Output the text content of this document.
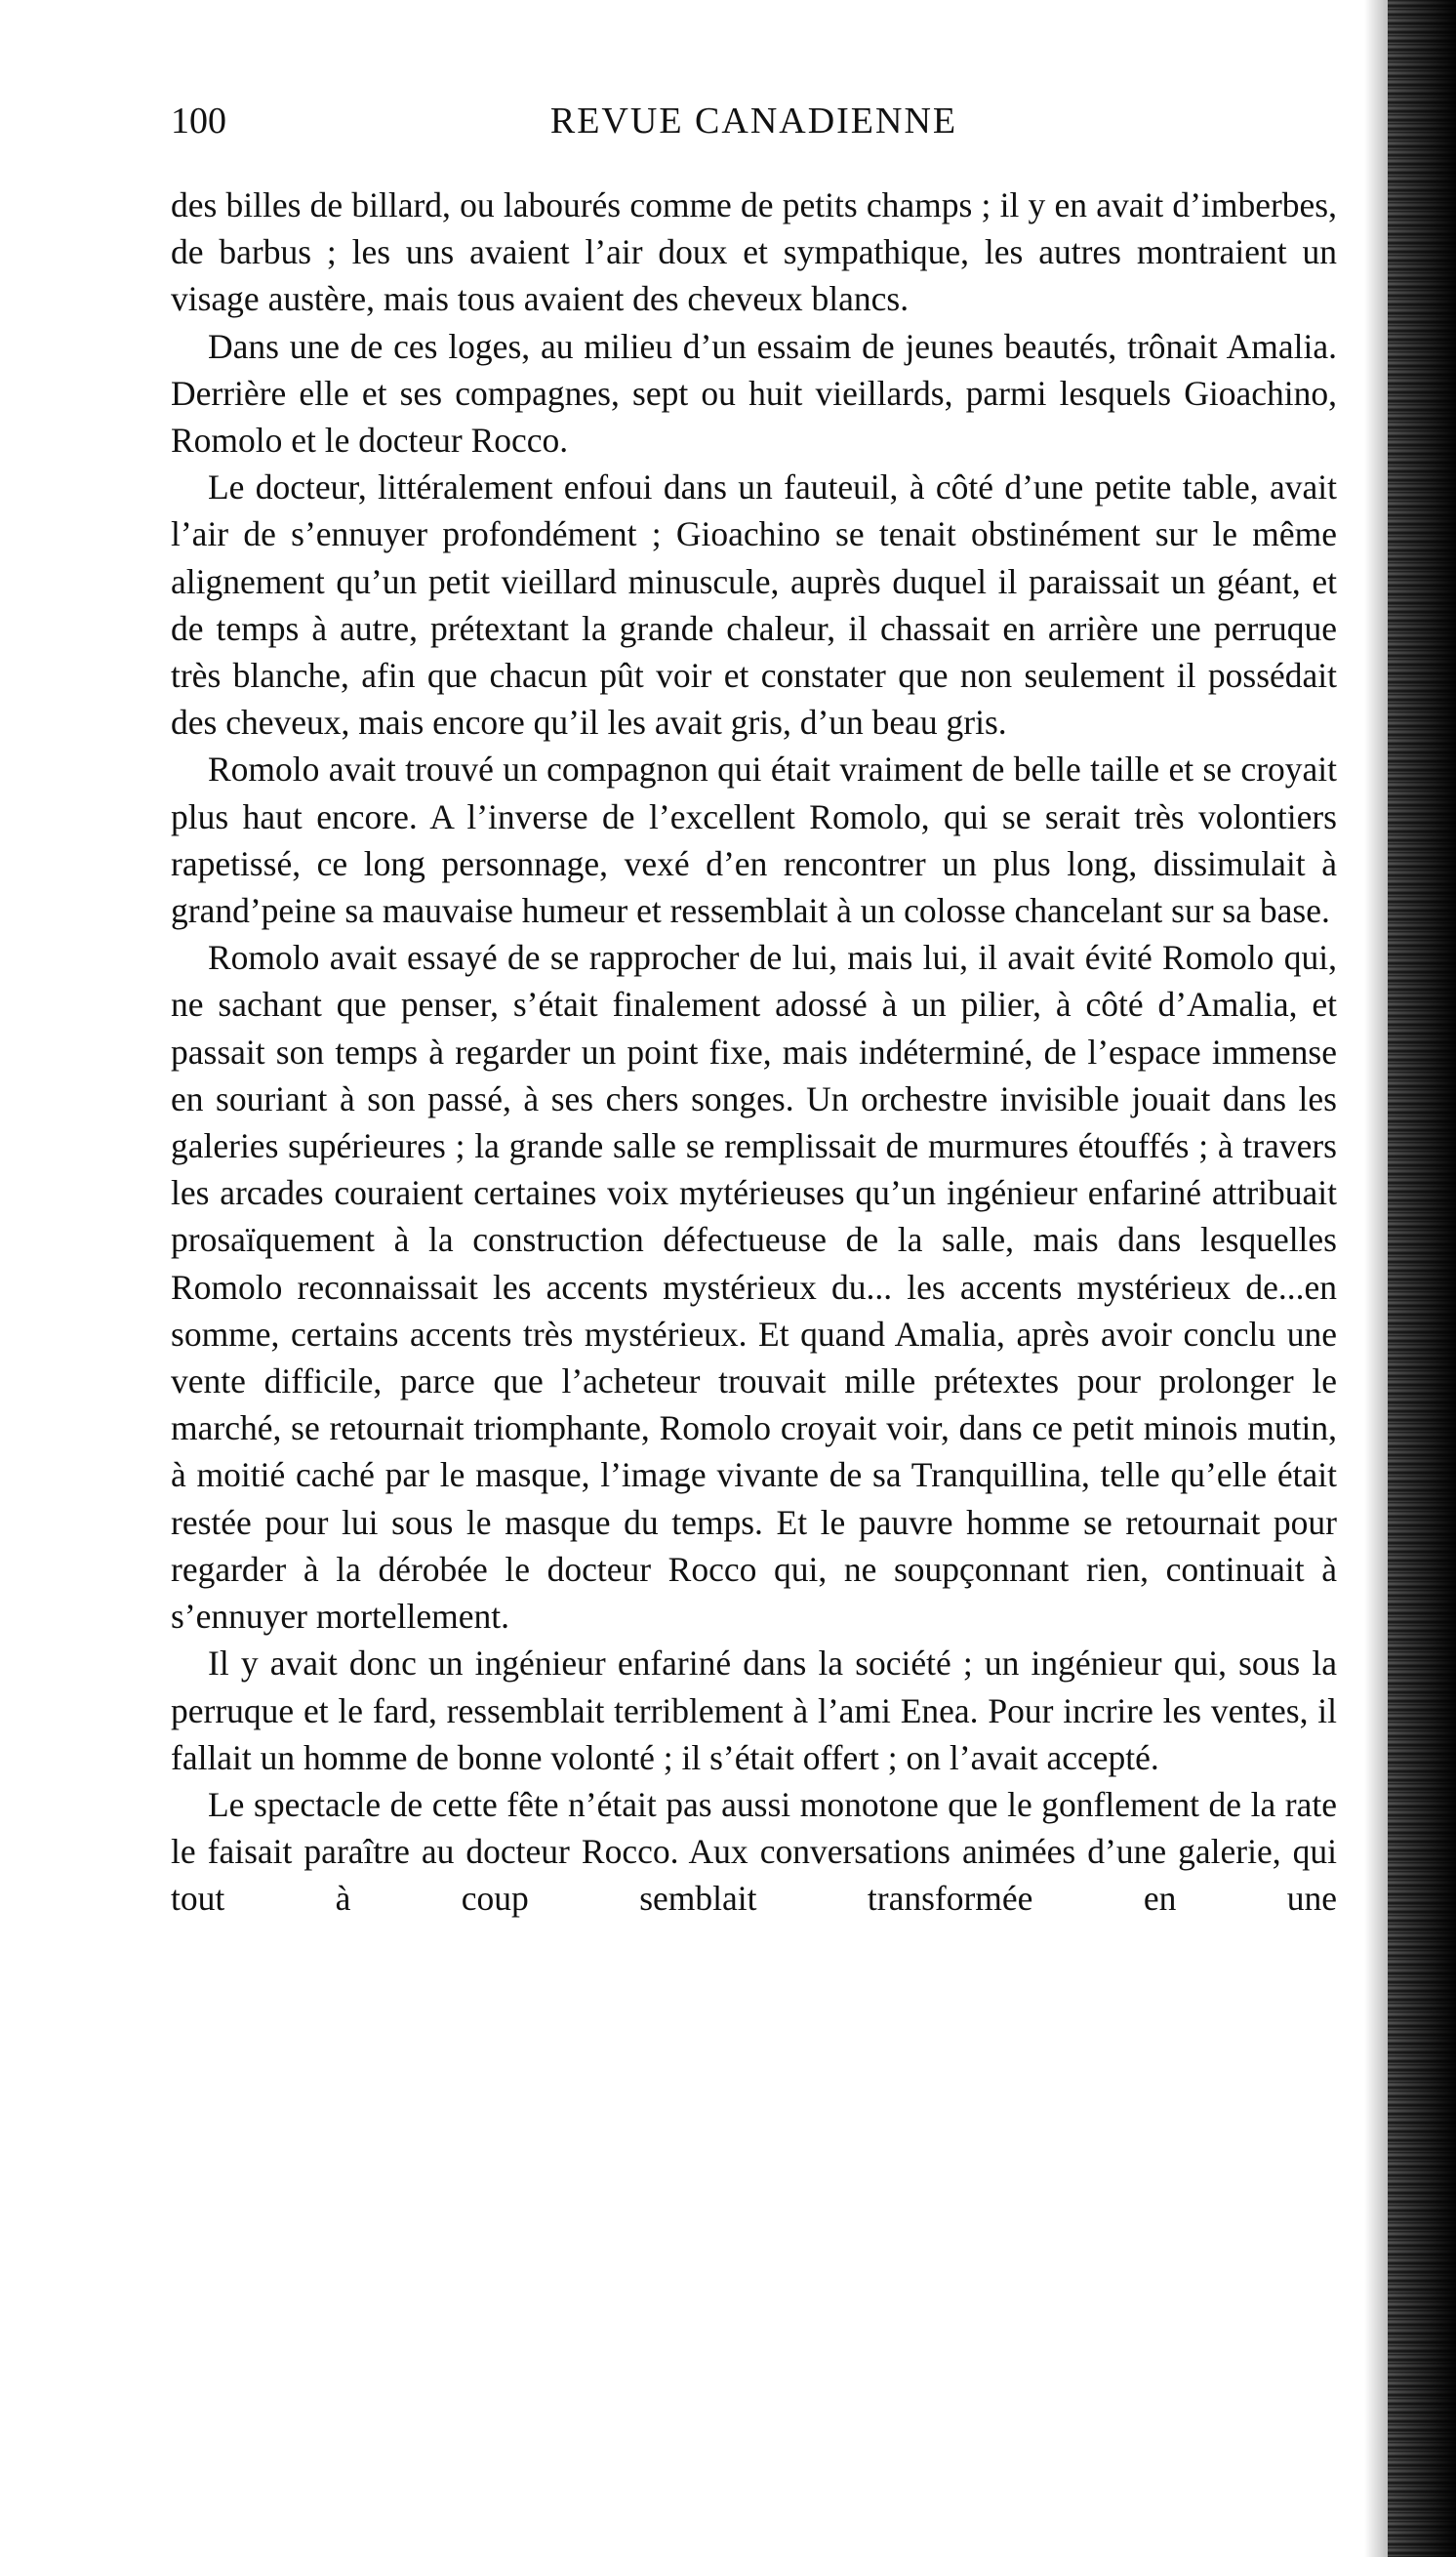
100	REVUE CANADIENNE

des billes de billard, ou labourés comme de petits champs ; il y en avait d’imberbes, de barbus ; les uns avaient l’air doux et sympathique, les autres montraient un visage austère, mais tous avaient des cheveux blancs.

Dans une de ces loges, au milieu d’un essaim de jeunes beautés, trônait Amalia. Derrière elle et ses compagnes, sept ou huit vieillards, parmi lesquels Gioachino, Romolo et le docteur Rocco.

Le docteur, littéralement enfoui dans un fauteuil, à côté d’une petite table, avait l’air de s’ennuyer profondément ; Gioachino se tenait obstinément sur le même alignement qu’un petit vieillard minuscule, auprès duquel il paraissait un géant, et de temps à autre, prétextant la grande chaleur, il chassait en arrière une perruque très blanche, afin que chacun pût voir et constater que non seulement il possédait des cheveux, mais encore qu’il les avait gris, d’un beau gris.

Romolo avait trouvé un compagnon qui était vraiment de belle taille et se croyait plus haut encore. A l’inverse de l’excellent Romolo, qui se serait très volontiers rapetissé, ce long personnage, vexé d’en rencontrer un plus long, dissimulait à grand’peine sa mauvaise humeur et ressemblait à un colosse chancelant sur sa base.

Romolo avait essayé de se rapprocher de lui, mais lui, il avait évité Romolo qui, ne sachant que penser, s’était finalement adossé à un pilier, à côté d’Amalia, et passait son temps à regarder un point fixe, mais indéterminé, de l’espace immense en souriant à son passé, à ses chers songes. Un orchestre invisible jouait dans les galeries supérieures ; la grande salle se remplissait de murmures étouffés ; à travers les arcades couraient certaines voix mytérieuses qu’un ingénieur enfariné attribuait prosaïquement à la construction défectueuse de la salle, mais dans lesquelles Romolo reconnaissait les accents mystérieux du... les accents mystérieux de...en somme, certains accents très mystérieux. Et quand Amalia, après avoir conclu une vente difficile, parce que l’acheteur trouvait mille prétextes pour prolonger le marché, se retournait triomphante, Romolo croyait voir, dans ce petit minois mutin, à moitié caché par le masque, l’image vivante de sa Tranquillina, telle qu’elle était restée pour lui sous le masque du temps. Et le pauvre homme se retournait pour regarder à la dérobée le docteur Rocco qui, ne soupçonnant rien, continuait à s’ennuyer mortellement.

Il y avait donc un ingénieur enfariné dans la société ; un ingénieur qui, sous la perruque et le fard, ressemblait terriblement à l’ami Enea. Pour incrire les ventes, il fallait un homme de bonne volonté ; il s’était offert ; on l’avait accepté.

Le spectacle de cette fête n’était pas aussi monotone que le gonflement de la rate le faisait paraître au docteur Rocco. Aux conversations animées d’une galerie, qui tout à coup semblait transformée en une
